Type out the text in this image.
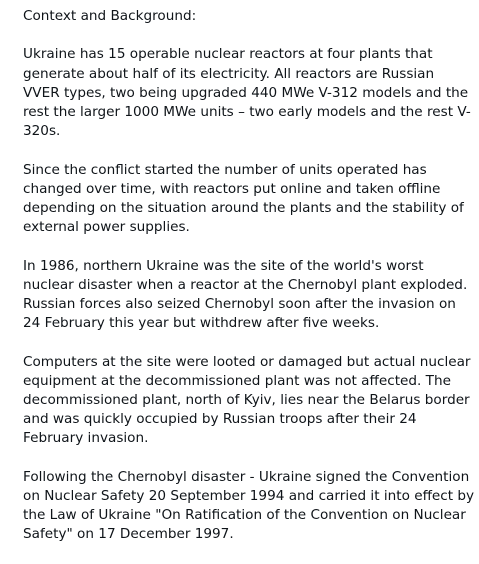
Context and Background:

Ukraine has 15 operable nuclear reactors at four plants that generate about half of its electricity. All reactors are Russian VVER types, two being upgraded 440 MWe V-312 models and the rest the larger 1000 MWe units – two early models and the rest V-320s.

Since the conflict started the number of units operated has changed over time, with reactors put online and taken offline depending on the situation around the plants and the stability of external power supplies.

In 1986, northern Ukraine was the site of the world's worst nuclear disaster when a reactor at the Chernobyl plant exploded. Russian forces also seized Chernobyl soon after the invasion on 24 February this year but withdrew after five weeks.

Computers at the site were looted or damaged but actual nuclear equipment at the decommissioned plant was not affected. The decommissioned plant, north of Kyiv, lies near the Belarus border and was quickly occupied by Russian troops after their 24 February invasion.

Following the Chernobyl disaster - Ukraine signed the Convention on Nuclear Safety 20 September 1994 and carried it into effect by the Law of Ukraine "On Ratification of the Convention on Nuclear Safety" on 17 December 1997.
